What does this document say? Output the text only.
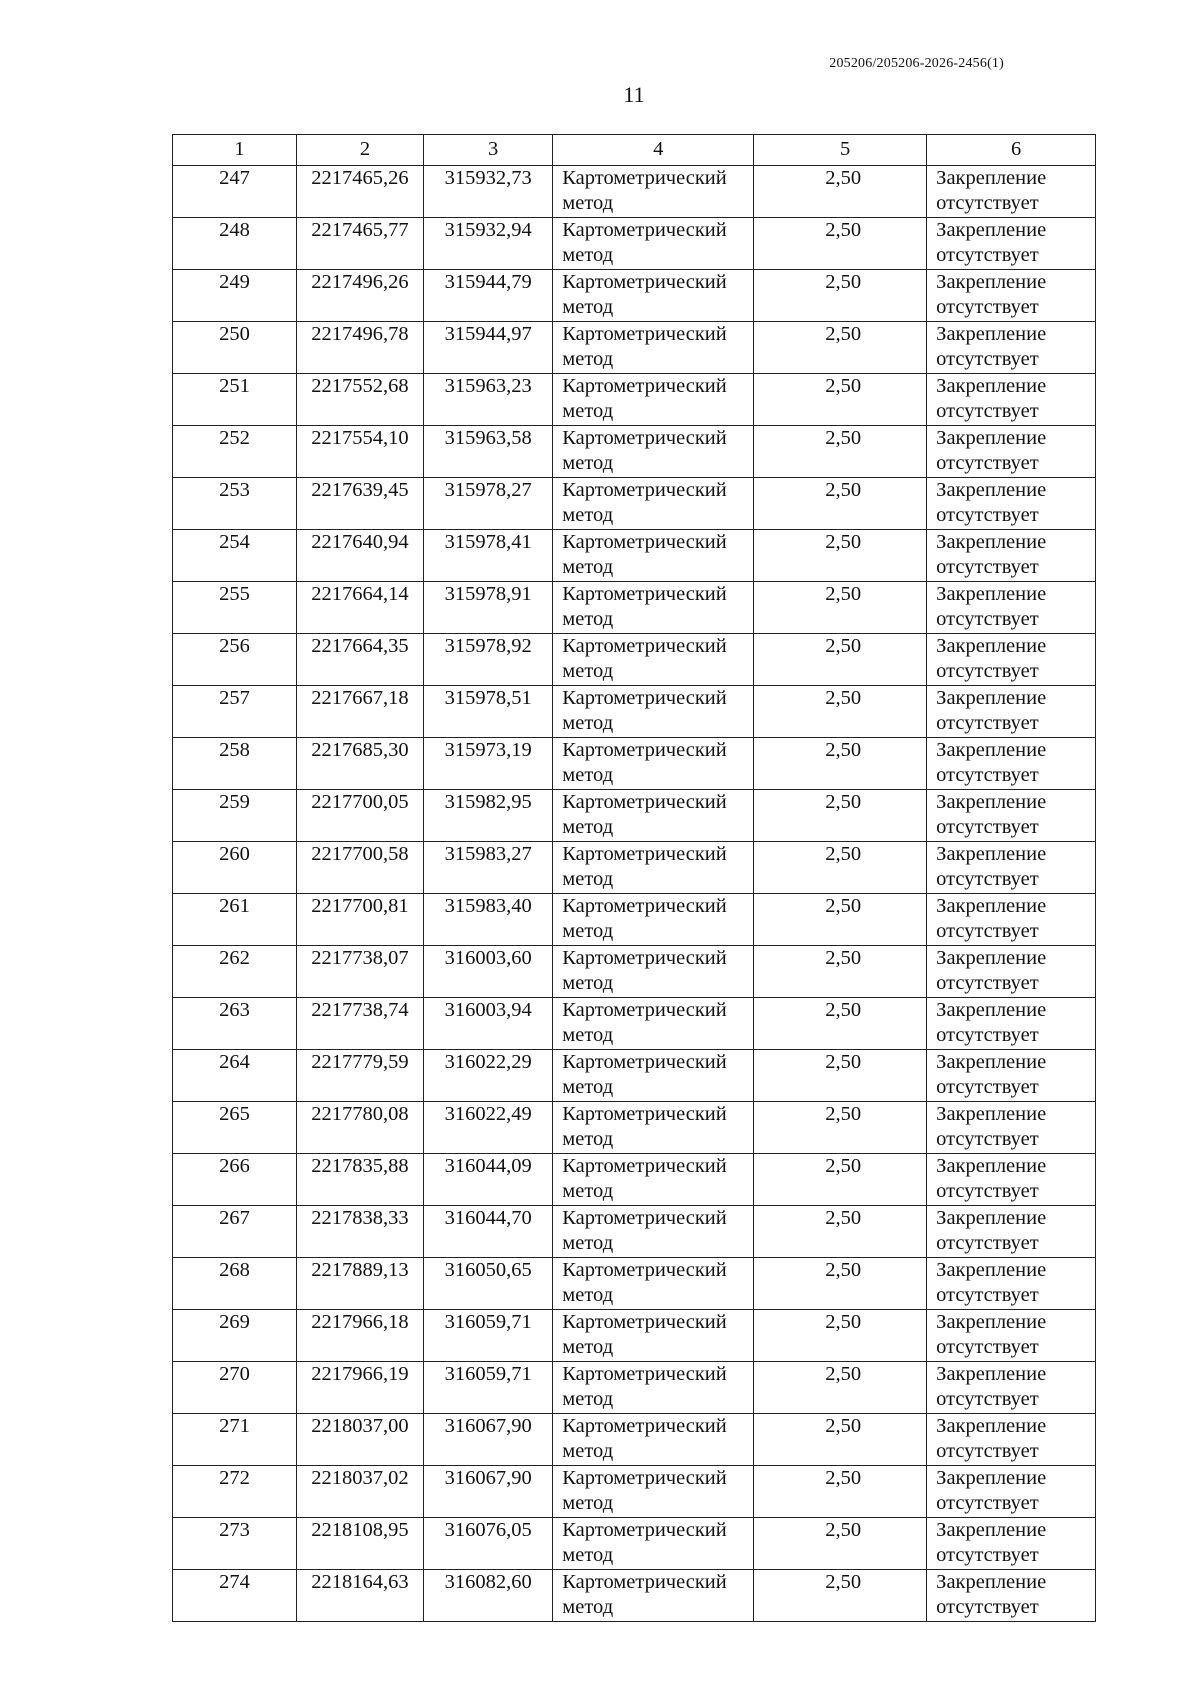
205206/205206-2026-2456(1)
11
1	2	3	4	5	6

247	2217465,26	315932,73	Картометрический
метод	2,50	Закрепление
отсутствует

248	2217465,77	315932,94	Картометрический
метод	2,50	Закрепление
отсутствует

249	2217496,26	315944,79	Картометрический
метод	2,50	Закрепление
отсутствует

250	2217496,78	315944,97	Картометрический
метод	2,50	Закрепление
отсутствует

251	2217552,68	315963,23	Картометрический
метод	2,50	Закрепление
отсутствует

252	2217554,10	315963,58	Картометрический
метод	2,50	Закрепление
отсутствует

253	2217639,45	315978,27	Картометрический
метод	2,50	Закрепление
отсутствует

254	2217640,94	315978,41	Картометрический
метод	2,50	Закрепление
отсутствует

255	2217664,14	315978,91	Картометрический
метод	2,50	Закрепление
отсутствует

256	2217664,35	315978,92	Картометрический
метод	2,50	Закрепление
отсутствует

257	2217667,18	315978,51	Картометрический
метод	2,50	Закрепление
отсутствует

258	2217685,30	315973,19	Картометрический
метод	2,50	Закрепление
отсутствует

259	2217700,05	315982,95	Картометрический
метод	2,50	Закрепление
отсутствует

260	2217700,58	315983,27	Картометрический
метод	2,50	Закрепление
отсутствует

261	2217700,81	315983,40	Картометрический
метод	2,50	Закрепление
отсутствует

262	2217738,07	316003,60	Картометрический
метод	2,50	Закрепление
отсутствует

263	2217738,74	316003,94	Картометрический
метод	2,50	Закрепление
отсутствует

264	2217779,59	316022,29	Картометрический
метод	2,50	Закрепление
отсутствует

265	2217780,08	316022,49	Картометрический
метод	2,50	Закрепление
отсутствует

266	2217835,88	316044,09	Картометрический
метод	2,50	Закрепление
отсутствует

267	2217838,33	316044,70	Картометрический
метод	2,50	Закрепление
отсутствует

268	2217889,13	316050,65	Картометрический
метод	2,50	Закрепление
отсутствует

269	2217966,18	316059,71	Картометрический
метод	2,50	Закрепление
отсутствует

270	2217966,19	316059,71	Картометрический
метод	2,50	Закрепление
отсутствует

271	2218037,00	316067,90	Картометрический
метод	2,50	Закрепление
отсутствует

272	2218037,02	316067,90	Картометрический
метод	2,50	Закрепление
отсутствует

273	2218108,95	316076,05	Картометрический
метод	2,50	Закрепление
отсутствует

274	2218164,63	316082,60	Картометрический
метод	2,50	Закрепление
отсутствует
